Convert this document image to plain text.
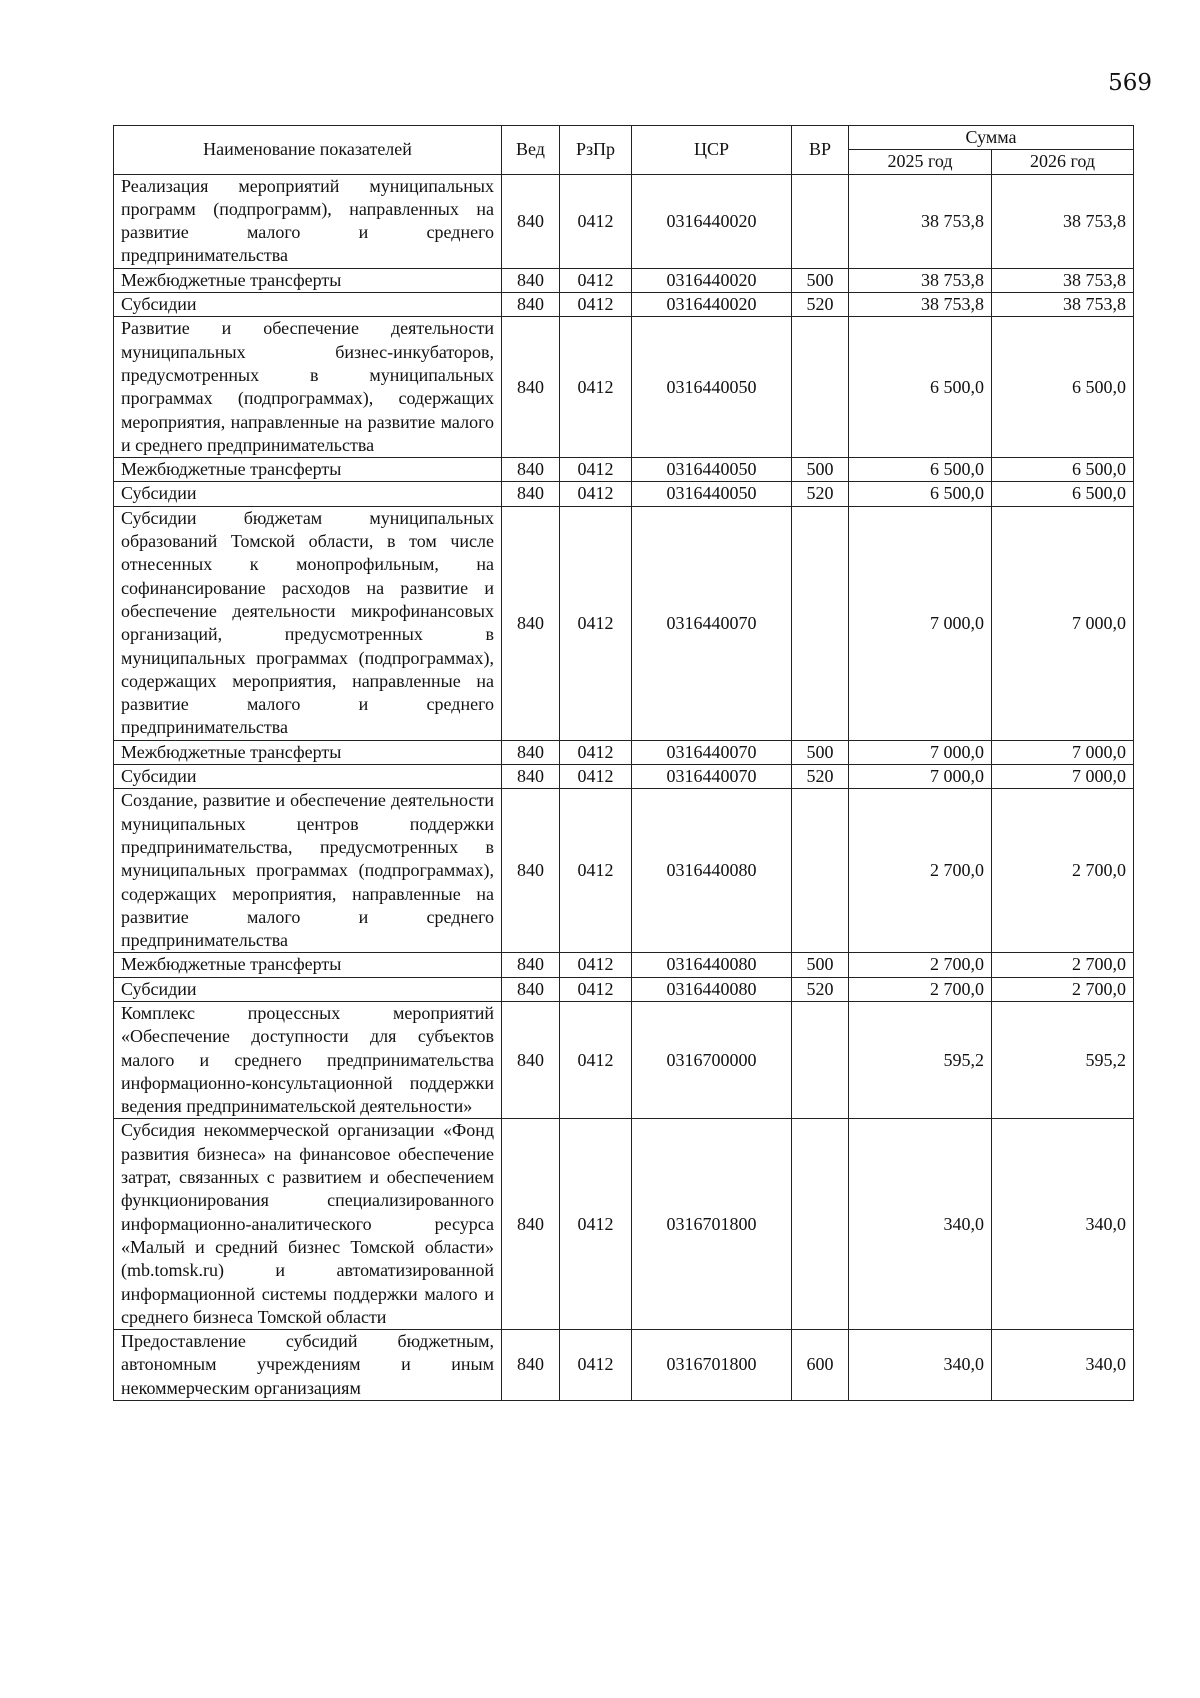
569
Наименование показателей	Вед	РзПр	ЦСР	ВР	Сумма	
					2025 год	2026 год
Реализация мероприятий муниципальных программ (подпрограмм), направленных на развитие малого и среднего предпринимательства	840	0412	0316440020		38 753,8	38 753,8
Межбюджетные трансферты	840	0412	0316440020	500	38 753,8	38 753,8
Субсидии	840	0412	0316440020	520	38 753,8	38 753,8
Развитие и обеспечение деятельности муниципальных бизнес-инкубаторов, предусмотренных в муниципальных программах (подпрограммах), содержащих мероприятия, направленные на развитие малого и среднего предпринимательства	840	0412	0316440050		6 500,0	6 500,0
Межбюджетные трансферты	840	0412	0316440050	500	6 500,0	6 500,0
Субсидии	840	0412	0316440050	520	6 500,0	6 500,0
Субсидии бюджетам муниципальных образований Томской области, в том числе отнесенных к монопрофильным, на софинансирование расходов на развитие и обеспечение деятельности микрофинансовых организаций, предусмотренных в муниципальных программах (подпрограммах), содержащих мероприятия, направленные на развитие малого и среднего предпринимательства	840	0412	0316440070		7 000,0	7 000,0
Межбюджетные трансферты	840	0412	0316440070	500	7 000,0	7 000,0
Субсидии	840	0412	0316440070	520	7 000,0	7 000,0
Создание, развитие и обеспечение деятельности муниципальных центров поддержки предпринимательства, предусмотренных в муниципальных программах (подпрограммах), содержащих мероприятия, направленные на развитие малого и среднего предпринимательства	840	0412	0316440080		2 700,0	2 700,0
Межбюджетные трансферты	840	0412	0316440080	500	2 700,0	2 700,0
Субсидии	840	0412	0316440080	520	2 700,0	2 700,0
Комплекс процессных мероприятий «Обеспечение доступности для субъектов малого и среднего предпринимательства информационно-консультационной поддержки ведения предпринимательской деятельности»	840	0412	0316700000		595,2	595,2
Субсидия некоммерческой организации «Фонд развития бизнеса» на финансовое обеспечение затрат, связанных с развитием и обеспечением функционирования специализированного информационно-аналитического ресурса «Малый и средний бизнес Томской области» (mb.tomsk.ru) и автоматизированной информационной системы поддержки малого и среднего бизнеса Томской области	840	0412	0316701800		340,0	340,0
Предоставление субсидий бюджетным, автономным учреждениям и иным некоммерческим организациям	840	0412	0316701800	600	340,0	340,0
